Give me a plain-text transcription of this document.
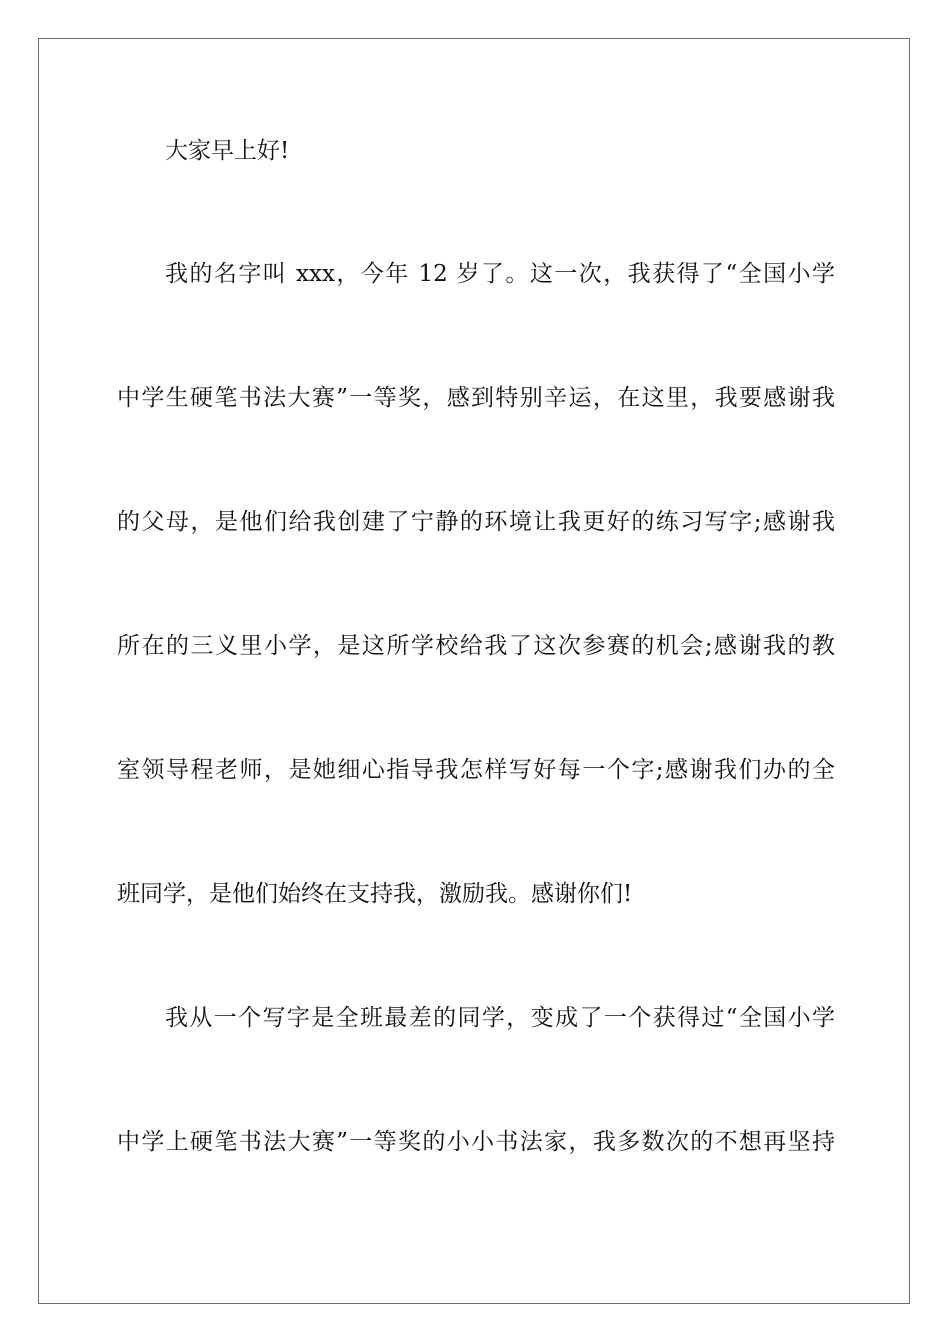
大家早上好!
我的名字叫 xxx，今年 12 岁了。这一次，我获得了“全国小学
中学生硬笔书法大赛”一等奖，感到特别辛运，在这里，我要感谢我
的父母，是他们给我创建了宁静的环境让我更好的练习写字;感谢我
所在的三义里小学，是这所学校给我了这次参赛的机会;感谢我的教
室领导程老师，是她细心指导我怎样写好每一个字;感谢我们办的全
班同学，是他们始终在支持我，激励我。感谢你们!
我从一个写字是全班最差的同学，变成了一个获得过“全国小学
中学上硬笔书法大赛”一等奖的小小书法家，我多数次的不想再坚持
